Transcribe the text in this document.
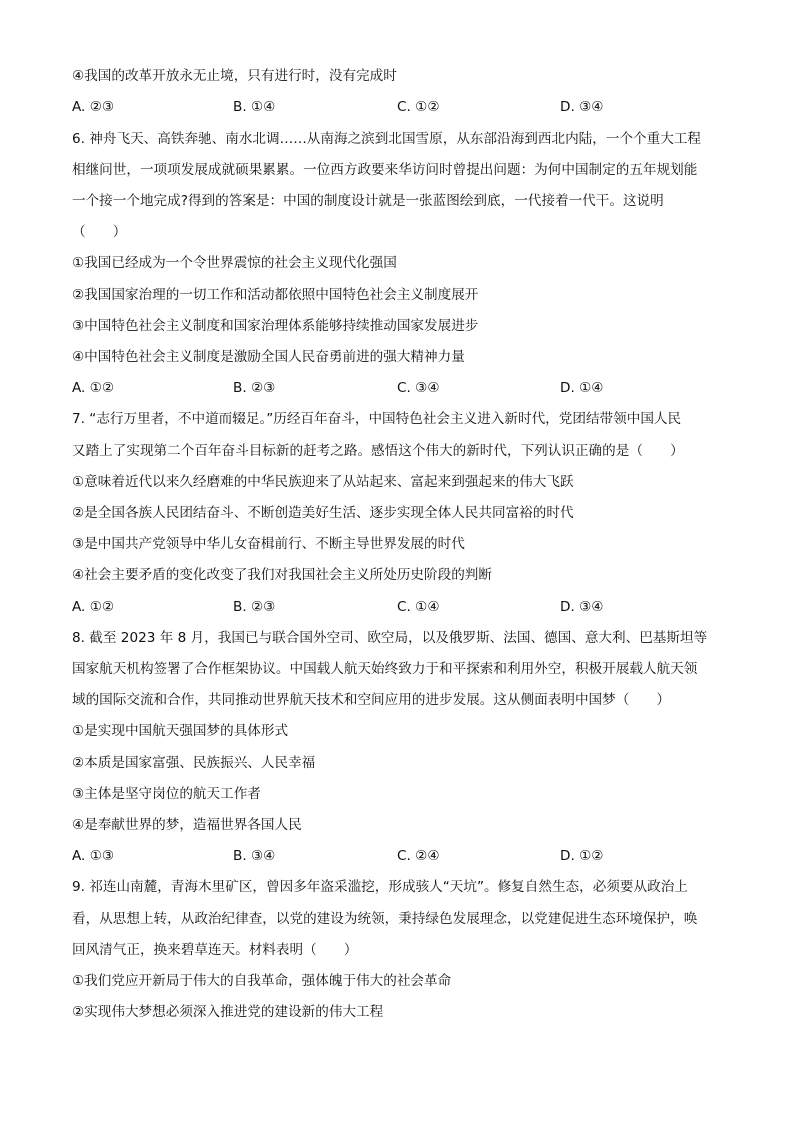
④我国的改革开放永无止境，只有进行时，没有完成时
A. ②③	B. ①④	C. ①②	D. ③④
6. 神舟飞天、高铁奔驰、南水北调……从南海之滨到北国雪原，从东部沿海到西北内陆，一个个重大工程
相继问世，一项项发展成就硕果累累。一位西方政要来华访问时曾提出问题：为何中国制定的五年规划能
一个接一个地完成?得到的答案是：中国的制度设计就是一张蓝图绘到底，一代接着一代干。这说明
（　　）
①我国已经成为一个令世界震惊的社会主义现代化强国
②我国国家治理的一切工作和活动都依照中国特色社会主义制度展开
③中国特色社会主义制度和国家治理体系能够持续推动国家发展进步
④中国特色社会主义制度是激励全国人民奋勇前进的强大精神力量
A. ①②	B. ②③	C. ③④	D. ①④
7. “志行万里者，不中道而辍足。”历经百年奋斗，中国特色社会主义进入新时代，党团结带领中国人民
又踏上了实现第二个百年奋斗目标新的赶考之路。感悟这个伟大的新时代，下列认识正确的是（　　）
①意味着近代以来久经磨难的中华民族迎来了从站起来、富起来到强起来的伟大飞跃
②是全国各族人民团结奋斗、不断创造美好生活、逐步实现全体人民共同富裕的时代
③是中国共产党领导中华儿女奋楫前行、不断主导世界发展的时代
④社会主要矛盾的变化改变了我们对我国社会主义所处历史阶段的判断
A. ①②	B. ②③	C. ①④	D. ③④
8. 截至 2023 年 8 月，我国已与联合国外空司、欧空局，以及俄罗斯、法国、德国、意大利、巴基斯坦等
国家航天机构签署了合作框架协议。中国载人航天始终致力于和平探索和利用外空，积极开展载人航天领
域的国际交流和合作，共同推动世界航天技术和空间应用的进步发展。这从侧面表明中国梦（　　）
①是实现中国航天强国梦的具体形式
②本质是国家富强、民族振兴、人民幸福
③主体是坚守岗位的航天工作者
④是奉献世界的梦，造福世界各国人民
A. ①③	B. ③④	C. ②④	D. ①②
9. 祁连山南麓，青海木里矿区，曾因多年盗采滥挖，形成骇人“天坑”。修复自然生态，必须要从政治上
看，从思想上转，从政治纪律查，以党的建设为统领，秉持绿色发展理念，以党建促进生态环境保护，唤
回风清气正，换来碧草连天。材料表明（　　）
①我们党应开新局于伟大的自我革命，强体魄于伟大的社会革命
②实现伟大梦想必须深入推进党的建设新的伟大工程
